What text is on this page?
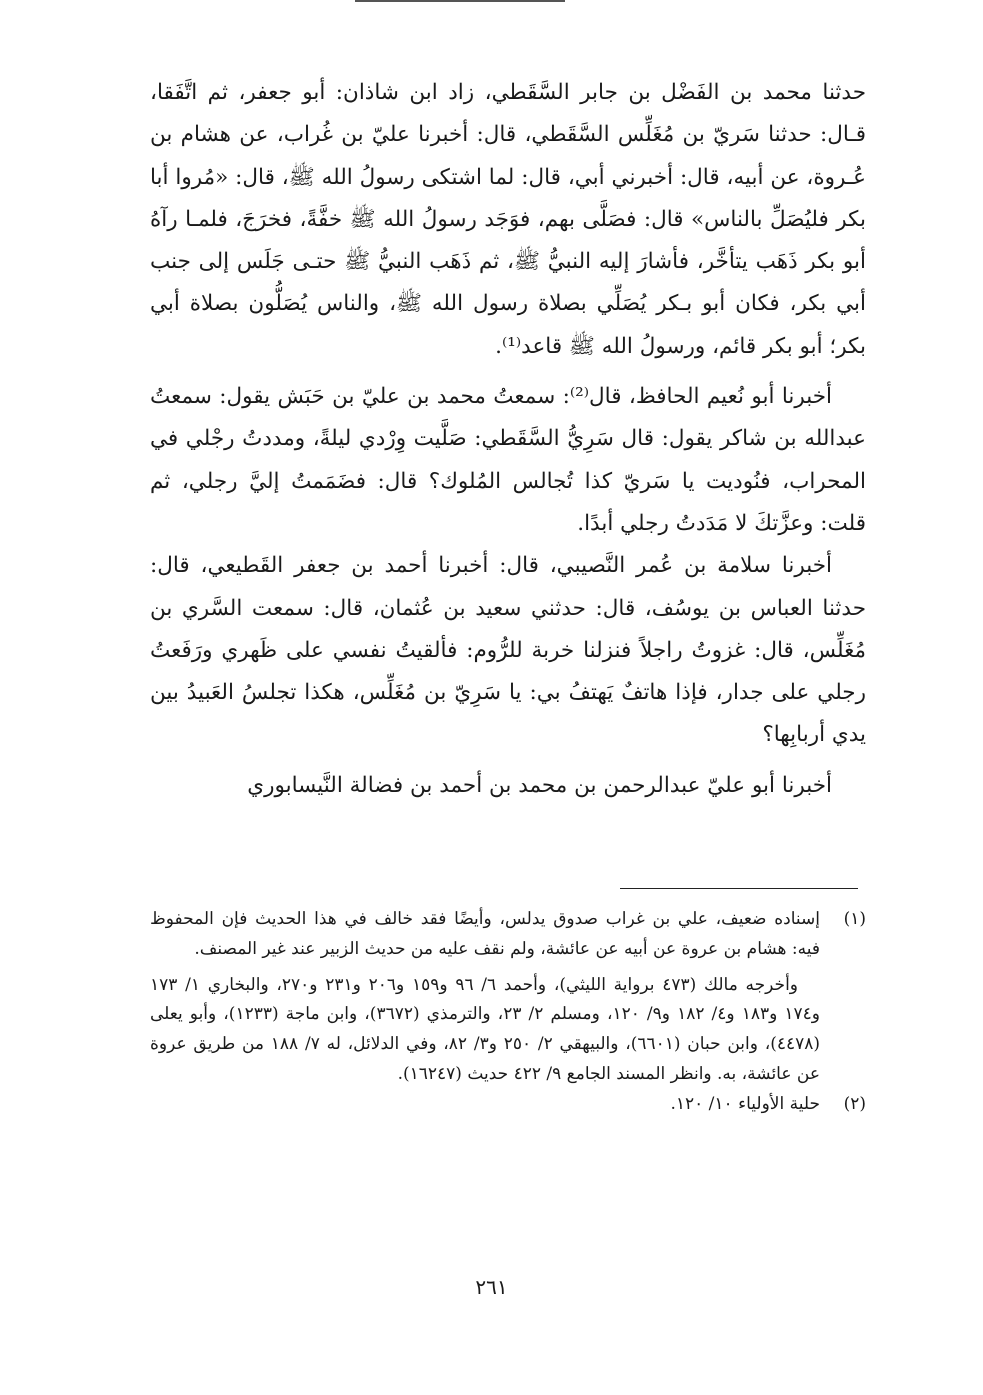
حدثنا محمد بن الفَضْل بن جابر السَّقَطي، زاد ابن شاذان: أبو جعفر، ثم اتَّفَقا، قـال: حدثنا سَريّ بن مُغَلِّس السَّقَطي، قال: أخبرنا عليّ بن غُراب، عن هشام بن عُـروة، عن أبيه، قال: أخبرني أبي، قال: لما اشتكى رسولُ الله ﷺ، قال: «مُروا أبا بكر فليُصَلِّ بالناس» قال: فصَلَّى بهم، فوَجَد رسولُ الله ﷺ خفَّةً، فخرَجَ، فلمـا رآهُ أبو بكر ذَهَب يتأخَّر، فأشارَ إليه النبيُّ ﷺ، ثم ذَهَب النبيُّ ﷺ حتـى جَلَس إلى جنب أبي بكر، فكان أبو بـكر يُصَلِّي بصلاة رسول الله ﷺ، والناس يُصَلُّون بصلاة أبي بكر؛ أبو بكر قائم، ورسولُ الله ﷺ قاعد⁽¹⁾.

أخبرنا أبو نُعيم الحافظ، قال⁽²⁾: سمعتُ محمد بن عليّ بن حَبَش يقول: سمعتُ عبدالله بن شاكر يقول: قال سَرِيُّ السَّقَطي: صَلَّيت وِرْدي ليلةً، ومددتُ رجْلي في المحراب، فنُوديت يا سَريّ كذا تُجالس المُلوك؟ قال: فضَمَمتُ إليَّ رجلي، ثم قلت: وعزَّتكَ لا مَدَدتُ رجلي أبدًا.

أخبرنا سلامة بن عُمر النَّصيبي، قال: أخبرنا أحمد بن جعفر القَطيعي، قال: حدثنا العباس بن يوسُف، قال: حدثني سعيد بن عُثمان، قال: سمعت السَّري بن مُغَلِّس، قال: غزوتُ راجلاً فنزلنا خربة للرُّوم: فألقيتُ نفسي على ظَهري ورَفَعتُ رجلي على جدار، فإذا هاتفٌ يَهتفُ بي: يا سَرِيّ بن مُغَلِّس، هكذا تجلسُ العَبيدُ بين يدي أربابِها؟

أخبرنا أبو عليّ عبدالرحمن بن محمد بن أحمد بن فضالة النَّيسابوري

(١)

إسناده ضعيف، علي بن غراب صدوق يدلس، وأيضًا فقد خالف في هذا الحديث فإن المحفوظ فيه: هشام بن عروة عن أبيه عن عائشة، ولم نقف عليه من حديث الزبير عند غير المصنف.

وأخرجه مالك (٤٧٣ برواية الليثي)، وأحمد ٦/ ٩٦ و١٥٩ و٢٠٦ و٢٣١ و٢٧٠، والبخاري ١/ ١٧٣ و١٧٤ و١٨٣ و٤/ ١٨٢ و٩/ ١٢٠، ومسلم ٢/ ٢٣، والترمذي (٣٦٧٢)، وابن ماجة (١٢٣٣)، وأبو يعلى (٤٤٧٨)، وابن حبان (٦٦٠١)، والبيهقي ٢/ ٢٥٠ و٣/ ٨٢، وفي الدلائل، له ٧/ ١٨٨ من طريق عروة عن عائشة، به. وانظر المسند الجامع ٩/ ٤٢٢ حديث (١٦٢٤٧).

(٢)

حلية الأولياء ١٠/ ١٢٠.

٢٦١
